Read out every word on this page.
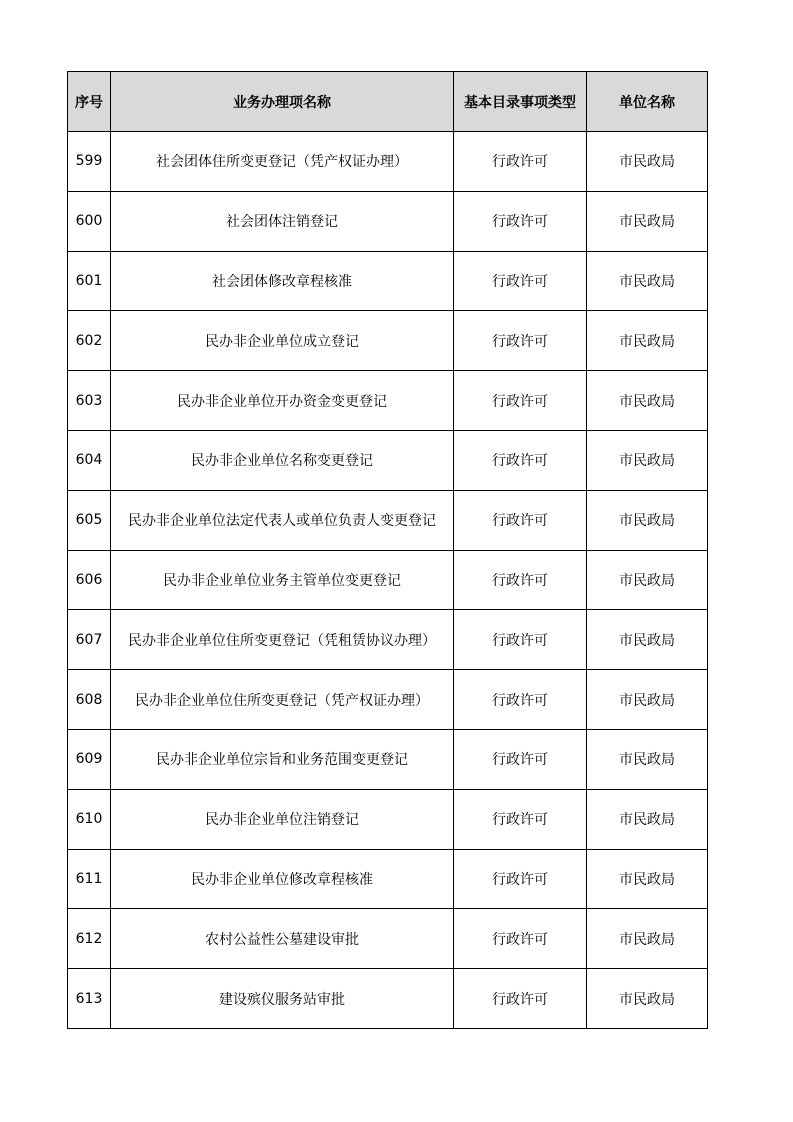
序号	业务办理项名称	基本目录事项类型	单位名称
599	社会团体住所变更登记（凭产权证办理）	行政许可	市民政局
600	社会团体注销登记	行政许可	市民政局
601	社会团体修改章程核准	行政许可	市民政局
602	民办非企业单位成立登记	行政许可	市民政局
603	民办非企业单位开办资金变更登记	行政许可	市民政局
604	民办非企业单位名称变更登记	行政许可	市民政局
605	民办非企业单位法定代表人或单位负责人变更登记	行政许可	市民政局
606	民办非企业单位业务主管单位变更登记	行政许可	市民政局
607	民办非企业单位住所变更登记（凭租赁协议办理）	行政许可	市民政局
608	民办非企业单位住所变更登记（凭产权证办理）	行政许可	市民政局
609	民办非企业单位宗旨和业务范围变更登记	行政许可	市民政局
610	民办非企业单位注销登记	行政许可	市民政局
611	民办非企业单位修改章程核准	行政许可	市民政局
612	农村公益性公墓建设审批	行政许可	市民政局
613	建设殡仪服务站审批	行政许可	市民政局
